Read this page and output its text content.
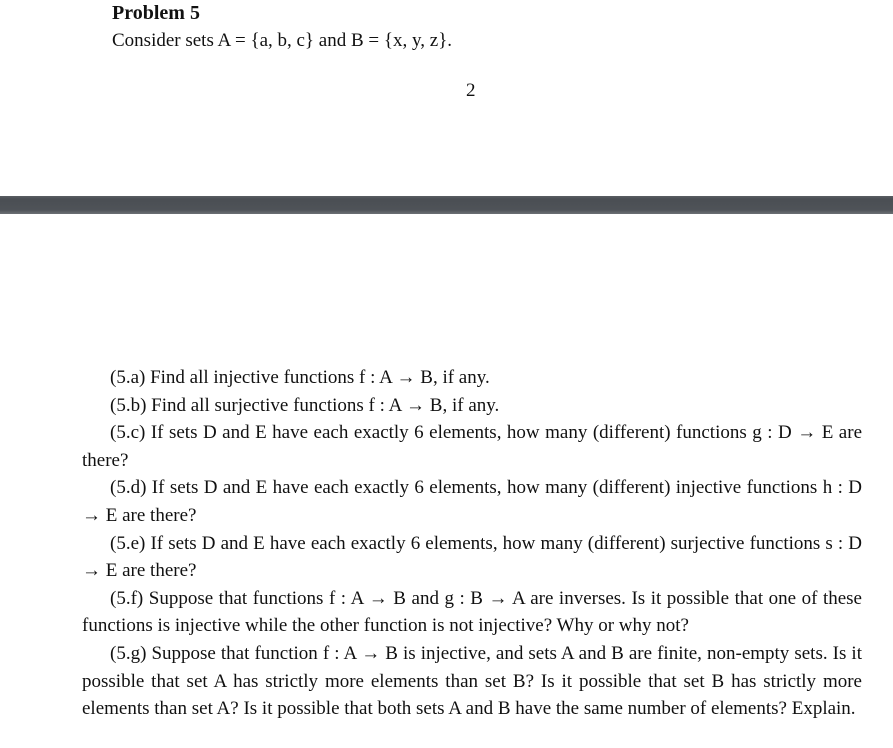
Problem 5
Consider sets A = {a, b, c} and B = {x, y, z}.
2

(5.a) Find all injective functions f : A → B, if any.

(5.b) Find all surjective functions f : A → B, if any.

(5.c) If sets D and E have each exactly 6 elements, how many (different) functions g : D → E are there?

(5.d) If sets D and E have each exactly 6 elements, how many (different) injective functions h : D → E are there?

(5.e) If sets D and E have each exactly 6 elements, how many (different) surjective functions s : D → E are there?

(5.f) Suppose that functions f : A → B and g : B → A are inverses. Is it possible that one of these functions is injective while the other function is not injective? Why or why not?

(5.g) Suppose that function f : A → B is injective, and sets A and B are finite, non-empty sets. Is it possible that set A has strictly more elements than set B? Is it possible that set B has strictly more elements than set A? Is it possible that both sets A and B have the same number of elements? Explain.
